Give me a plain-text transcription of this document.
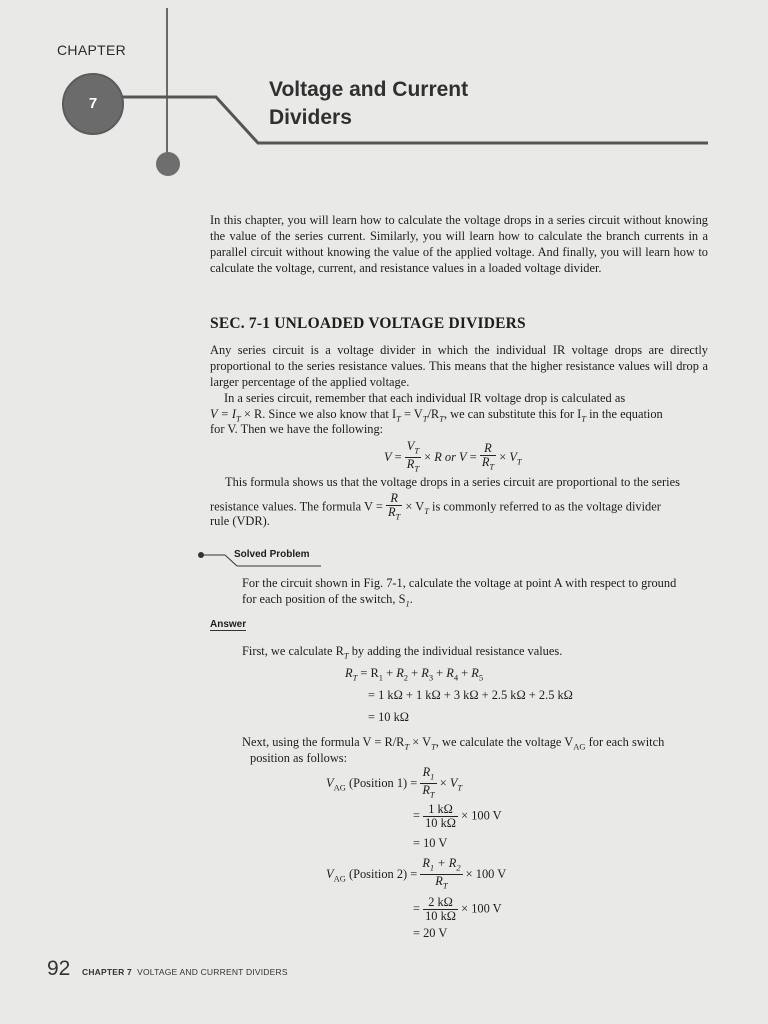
CHAPTER
7
Voltage and Current
Dividers
In this chapter, you will learn how to calculate the voltage drops in a series circuit without knowing the value of the series current. Similarly, you will learn how to calculate the branch currents in a parallel circuit without knowing the value of the applied voltage. And finally, you will learn how to calculate the voltage, current, and resistance values in a loaded voltage divider.
SEC. 7-1 UNLOADED VOLTAGE DIVIDERS
Any series circuit is a voltage divider in which the individual IR voltage drops are directly proportional to the series resistance values. This means that the higher resistance values will drop a larger percentage of the applied voltage.
In a series circuit, remember that each individual IR voltage drop is calculated as
$V = I_T \times R$. Since we also know that $I_T = V_T/R_T$, we can substitute this for $I_T$ in the equation
for V. Then we have the following:
$V = \frac{V_T}{R_T} \times R$ or $V = \frac{R}{R_T} \times V_T$
This formula shows us that the voltage drops in a series circuit are proportional to the series
resistance values. The formula $V = \frac{R}{R_T} \times V_T$ is commonly referred to as the voltage divider
rule (VDR).
Solved Problem
For the circuit shown in Fig. 7-1, calculate the voltage at point A with respect to ground
for each position of the switch, $S_1$.
Answer
First, we calculate $R_T$ by adding the individual resistance values.
$R_T = R_1 + R_2 + R_3 + R_4 + R_5$
= 1 kΩ + 1 kΩ + 3 kΩ + 2.5 kΩ + 2.5 kΩ
= 10 kΩ
Next, using the formula $V = R/R_T \times V_T$, we calculate the voltage $V_{AG}$ for each switch
position as follows:
$V_{AG}$ (Position $1) = \frac{R_1}{R_T} \times V_T$
= $\frac{1 k\Omega}{10 k\Omega} \times 100$ V
= 10 V
$V_{AG}$ (Position $2) = \frac{R_1 + R_2}{R_T} \times 100$ V
= $\frac{2 k\Omega}{10 k\Omega} \times 100$ V
= 20 V
92 CHAPTER 7 VOLTAGE AND CURRENT DIVIDERS
